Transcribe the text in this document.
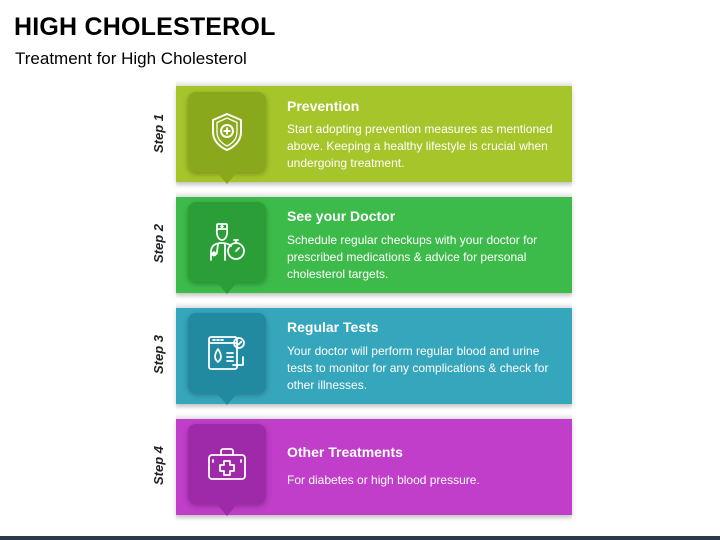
HIGH CHOLESTEROL
Treatment for High Cholesterol
Step 1
Prevention
Start adopting prevention measures as mentioned above. Keeping a healthy lifestyle is crucial when undergoing treatment.
Step 2
See your Doctor
Schedule regular checkups with your doctor for prescribed medications & advice for personal cholesterol targets.
Step 3
Regular Tests
Your doctor will perform regular blood and urine tests to monitor for any complications & check for other illnesses.
Step 4	Other Treatments
For diabetes or high blood pressure.
